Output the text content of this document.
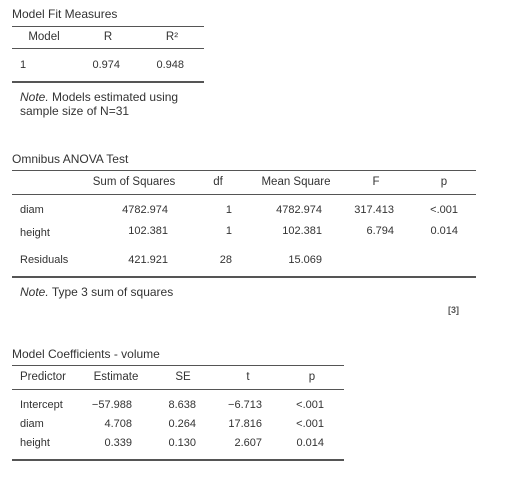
Model Fit Measures
Model	R	R²
1	0.974	0.948
Note. Models estimated using
sample size of N=31
Omnibus ANOVA Test
Sum of Squares	df	Mean Square	F	p
diam	4782.974	1	4782.974	317.413	<.001
height	102.381	1	102.381	6.794	0.014
Residuals	421.921	28	15.069
Note. Type 3 sum of squares
[3]
Model Coefficients - volume
Predictor	Estimate	SE	t	p
Intercept	−57.988	8.638	−6.713	<.001
diam	4.708	0.264	17.816	<.001
height	0.339	0.130	2.607	0.014
